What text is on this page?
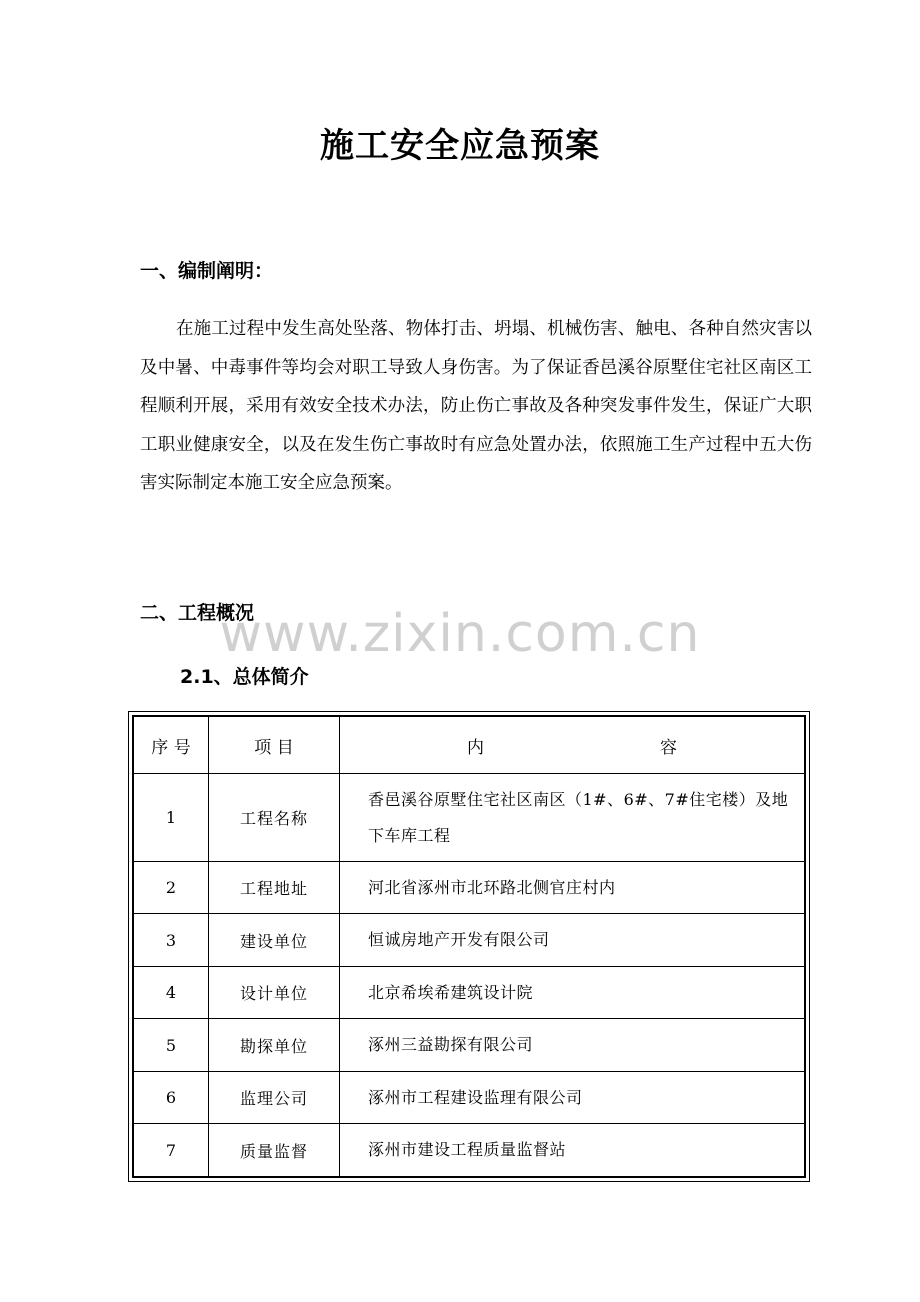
施工安全应急预案
一、编制阐明：
在施工过程中发生高处坠落、物体打击、坍塌、机械伤害、触电、各种自然灾害以及中暑、中毒事件等均会对职工导致人身伤害。为了保证香邑溪谷原墅住宅社区南区工程顺利开展，采用有效安全技术办法，防止伤亡事故及各种突发事件发生，保证广大职工职业健康安全，以及在发生伤亡事故时有应急处置办法，依照施工生产过程中五大伤害实际制定本施工安全应急预案。
二、工程概况
www.zixin.com.cn
2.1、总体简介
序 号	项 目	内 容

1	工程名称	香邑溪谷原墅住宅社区南区（1#、6#、7#住宅楼）及地下车库工程

2	工程地址	河北省涿州市北环路北侧官庄村内

3	建设单位	恒诚房地产开发有限公司

4	设计单位	北京希埃希建筑设计院

5	勘探单位	涿州三益勘探有限公司

6	监理公司	涿州市工程建设监理有限公司

7	质量监督	涿州市建设工程质量监督站
